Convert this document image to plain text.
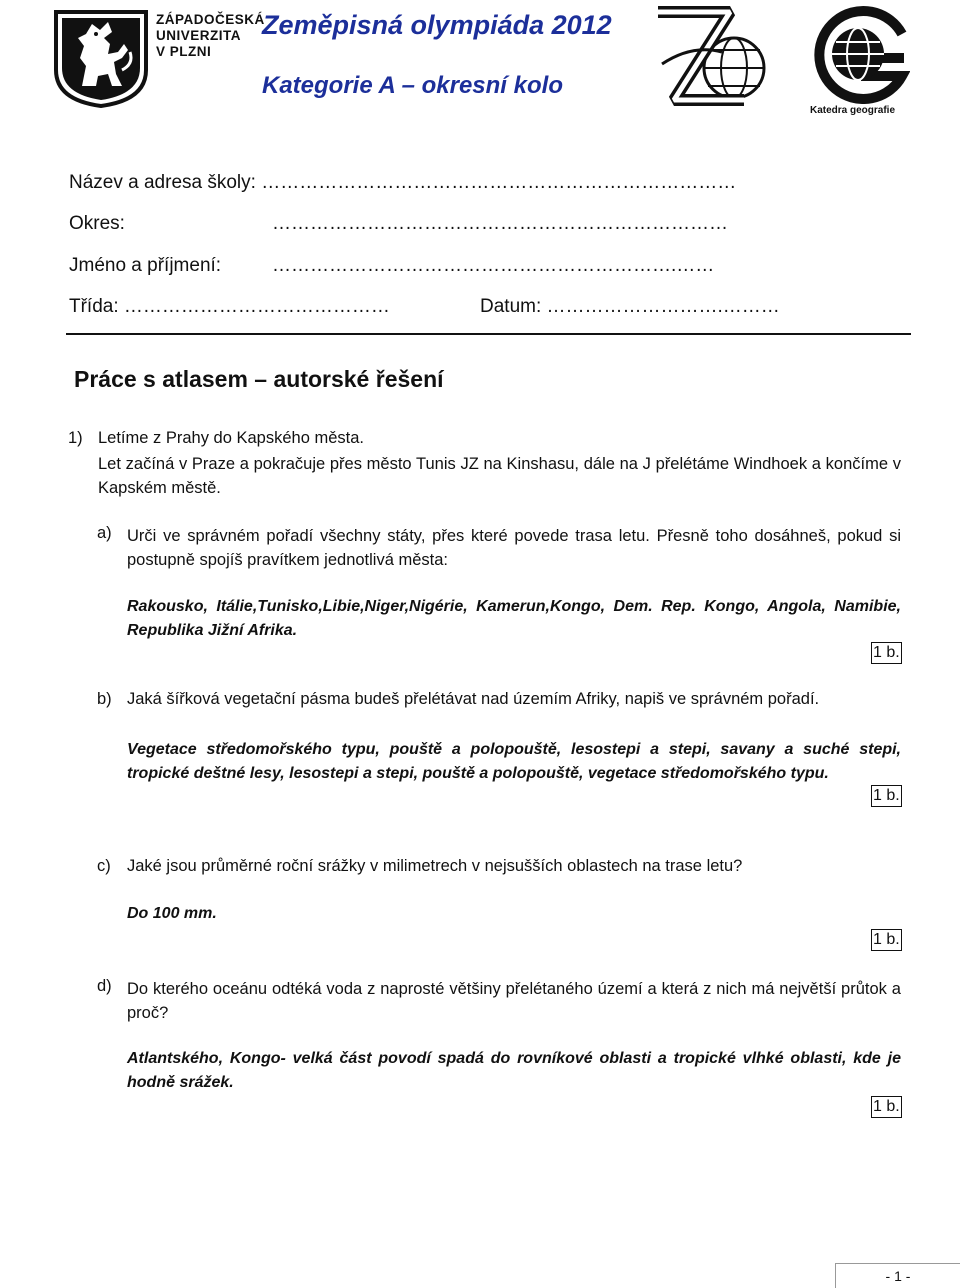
ZÁPADOČESKÁ
UNIVERZITA
V PLZNI
Zeměpisná olympiáda 2012
Kategorie A – okresní kolo
Katedra geografie
Název a adresa školy: …………………………………………………………………
Okres:	………………………………………………………………
Jméno a příjmení:	……………………………………………………….……
Třída: ……………………………………	Datum: ……………………….………
Práce s atlasem – autorské řešení
1) Letíme z Prahy do Kapského města.
Let začíná v Praze a pokračuje přes město Tunis JZ na Kinshasu, dále na J přelétáme Windhoek a končíme v Kapském městě.
a) Urči ve správném pořadí všechny státy, přes které povede trasa letu. Přesně toho dosáhneš, pokud si postupně spojíš pravítkem jednotlivá města:
Rakousko, Itálie,Tunisko,Libie,Niger,Nigérie, Kamerun,Kongo, Dem. Rep. Kongo, Angola, Namibie, Republika Jižní Afrika.
1 b.
b) Jaká šířková vegetační pásma budeš přelétávat nad územím Afriky, napiš ve správném pořadí.
Vegetace středomořského typu, pouště a polopouště, lesostepi a stepi, savany a suché stepi, tropické deštné lesy, lesostepi a stepi, pouště a polopouště, vegetace středomořského typu.
1 b.
c) Jaké jsou průměrné roční srážky v milimetrech v nejsušších oblastech na trase letu?
Do 100 mm.
1 b.
d) Do kterého oceánu odtéká voda z naprosté většiny přelétaného území a která z nich má největší průtok a proč?
Atlantského, Kongo- velká část povodí spadá do rovníkové oblasti a tropické vlhké oblasti, kde je hodně srážek.
1 b.
- 1 -
